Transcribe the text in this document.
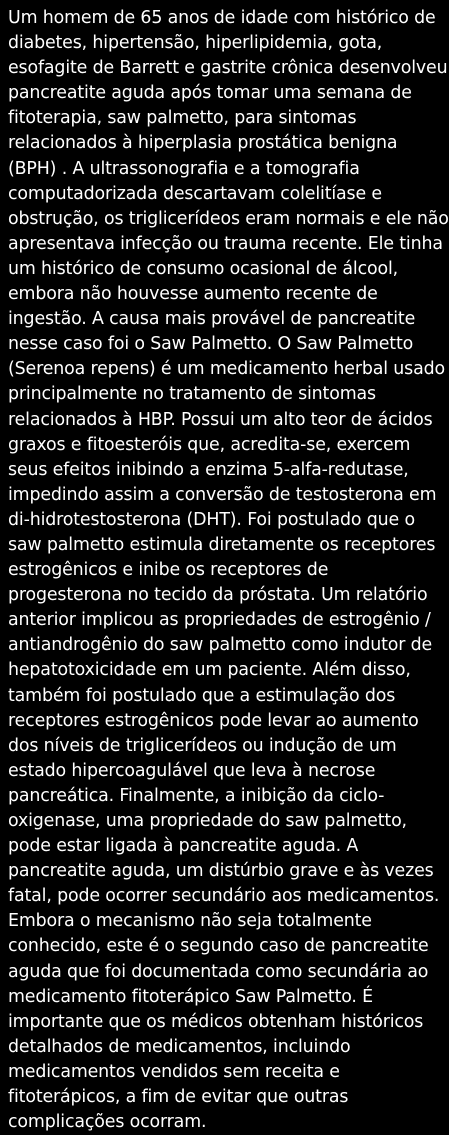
Um homem de 65 anos de idade com histórico de
diabetes, hipertensão, hiperlipidemia, gota,
esofagite de Barrett e gastrite crônica desenvolveu
pancreatite aguda após tomar uma semana de
fitoterapia, saw palmetto, para sintomas
relacionados à hiperplasia prostática benigna
(BPH) . A ultrassonografia e a tomografia
computadorizada descartavam colelitíase e
obstrução, os triglicerídeos eram normais e ele não
apresentava infecção ou trauma recente. Ele tinha
um histórico de consumo ocasional de álcool,
embora não houvesse aumento recente de
ingestão. A causa mais provável de pancreatite
nesse caso foi o Saw Palmetto. O Saw Palmetto
(Serenoa repens) é um medicamento herbal usado
principalmente no tratamento de sintomas
relacionados à HBP. Possui um alto teor de ácidos
graxos e fitoesteróis que, acredita-se, exercem
seus efeitos inibindo a enzima 5-alfa-redutase,
impedindo assim a conversão de testosterona em
di-hidrotestosterona (DHT). Foi postulado que o
saw palmetto estimula diretamente os receptores
estrogênicos e inibe os receptores de
progesterona no tecido da próstata. Um relatório
anterior implicou as propriedades de estrogênio /
antiandrogênio do saw palmetto como indutor de
hepatotoxicidade em um paciente. Além disso,
também foi postulado que a estimulação dos
receptores estrogênicos pode levar ao aumento
dos níveis de triglicerídeos ou indução de um
estado hipercoagulável que leva à necrose
pancreática. Finalmente, a inibição da ciclo-
oxigenase, uma propriedade do saw palmetto,
pode estar ligada à pancreatite aguda. A
pancreatite aguda, um distúrbio grave e às vezes
fatal, pode ocorrer secundário aos medicamentos.
Embora o mecanismo não seja totalmente
conhecido, este é o segundo caso de pancreatite
aguda que foi documentada como secundária ao
medicamento fitoterápico Saw Palmetto. É
importante que os médicos obtenham históricos
detalhados de medicamentos, incluindo
medicamentos vendidos sem receita e
fitoterápicos, a fim de evitar que outras
complicações ocorram.
